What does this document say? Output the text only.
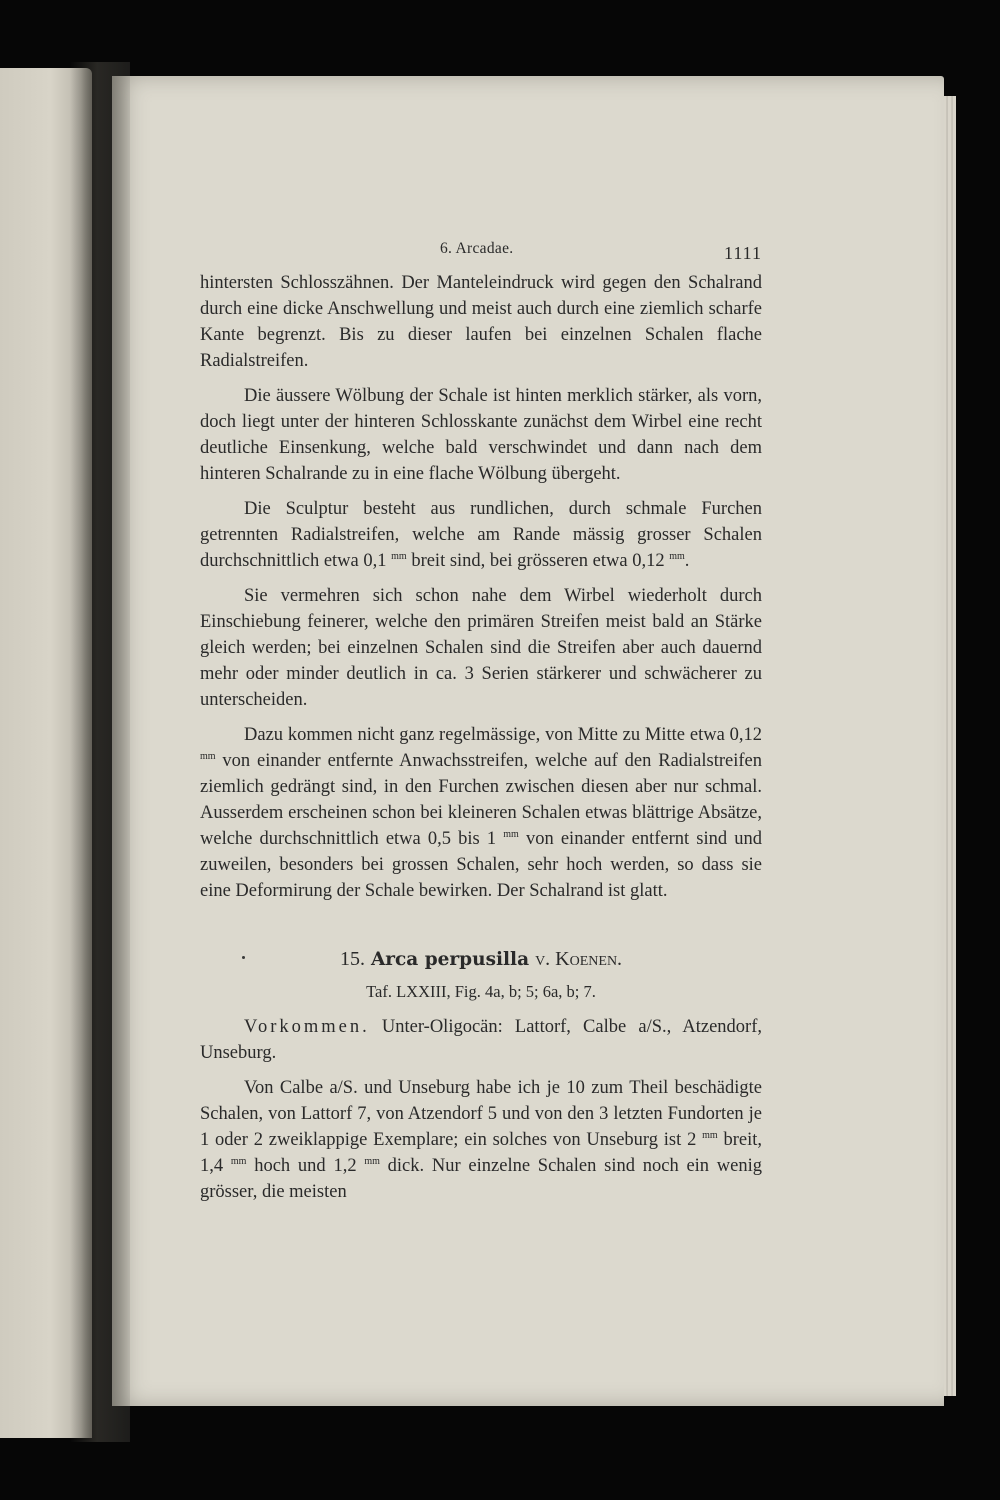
6. Arcadae.	1111

hintersten Schlosszähnen. Der Manteleindruck wird gegen den Schalrand durch eine dicke Anschwellung und meist auch durch eine ziemlich scharfe Kante begrenzt. Bis zu dieser laufen bei einzelnen Schalen flache Radialstreifen.

Die äussere Wölbung der Schale ist hinten merklich stärker, als vorn, doch liegt unter der hinteren Schlosskante zunächst dem Wirbel eine recht deutliche Einsenkung, welche bald verschwindet und dann nach dem hinteren Schalrande zu in eine flache Wölbung übergeht.

Die Sculptur besteht aus rundlichen, durch schmale Furchen getrennten Radialstreifen, welche am Rande mässig grosser Schalen durchschnittlich etwa 0,1 $^{mm}$ breit sind, bei grösseren etwa 0,12 $^{mm}$.

Sie vermehren sich schon nahe dem Wirbel wiederholt durch Einschiebung feinerer, welche den primären Streifen meist bald an Stärke gleich werden; bei einzelnen Schalen sind die Streifen aber auch dauernd mehr oder minder deutlich in ca. 3 Serien stärkerer und schwächerer zu unterscheiden.

Dazu kommen nicht ganz regelmässige, von Mitte zu Mitte etwa 0,12 $^{mm}$ von einander entfernte Anwachsstreifen, welche auf den Radialstreifen ziemlich gedrängt sind, in den Furchen zwischen diesen aber nur schmal. Ausserdem erscheinen schon bei kleineren Schalen etwas blättrige Absätze, welche durchschnittlich etwa 0,5 bis 1 $^{mm}$ von einander entfernt sind und zuweilen, besonders bei grossen Schalen, sehr hoch werden, so dass sie eine Deformirung der Schale bewirken. Der Schalrand ist glatt.

15. Arca perpusilla v. Koenen.
Taf. LXXIII, Fig. 4a, b; 5; 6a, b; 7.

Vorkommen. Unter-Oligocän: Lattorf, Calbe a/S., Atzendorf, Unseburg.

Von Calbe a/S. und Unseburg habe ich je 10 zum Theil beschädigte Schalen, von Lattorf 7, von Atzendorf 5 und von den 3 letzten Fundorten je 1 oder 2 zweiklappige Exemplare; ein solches von Unseburg ist 2 $^{mm}$ breit, 1,4 $^{mm}$ hoch und 1,2 $^{mm}$ dick. Nur einzelne Schalen sind noch ein wenig grösser, die meisten
